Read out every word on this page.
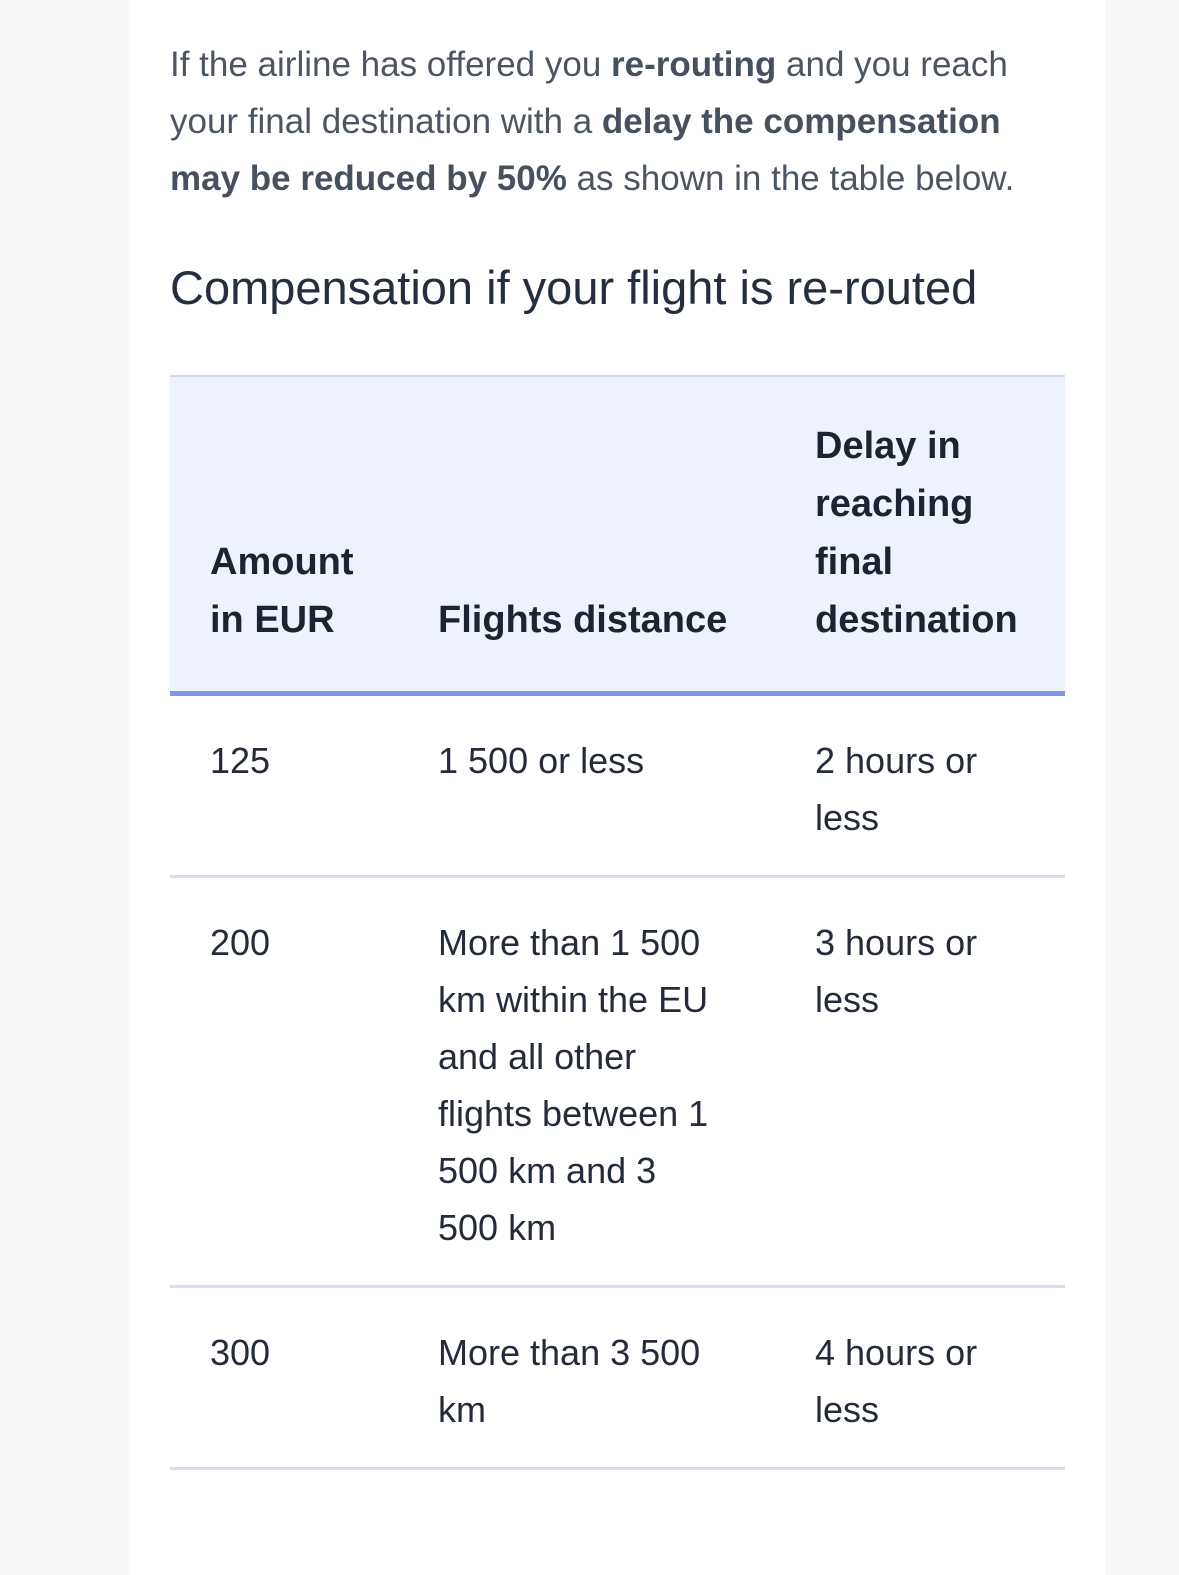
If the airline has offered you re-routing and you reach your final destination with a delay the compensation may be reduced by 50% as shown in the table below.

Compensation if your flight is re-routed
Amount in EUR	Flights distance	Delay in reaching final destination
125	1 500 or less	2 hours or less
200	More than 1 500 km within the EU and all other flights between 1 500 km and 3 500 km	3 hours or less
300	More than 3 500 km	4 hours or less
